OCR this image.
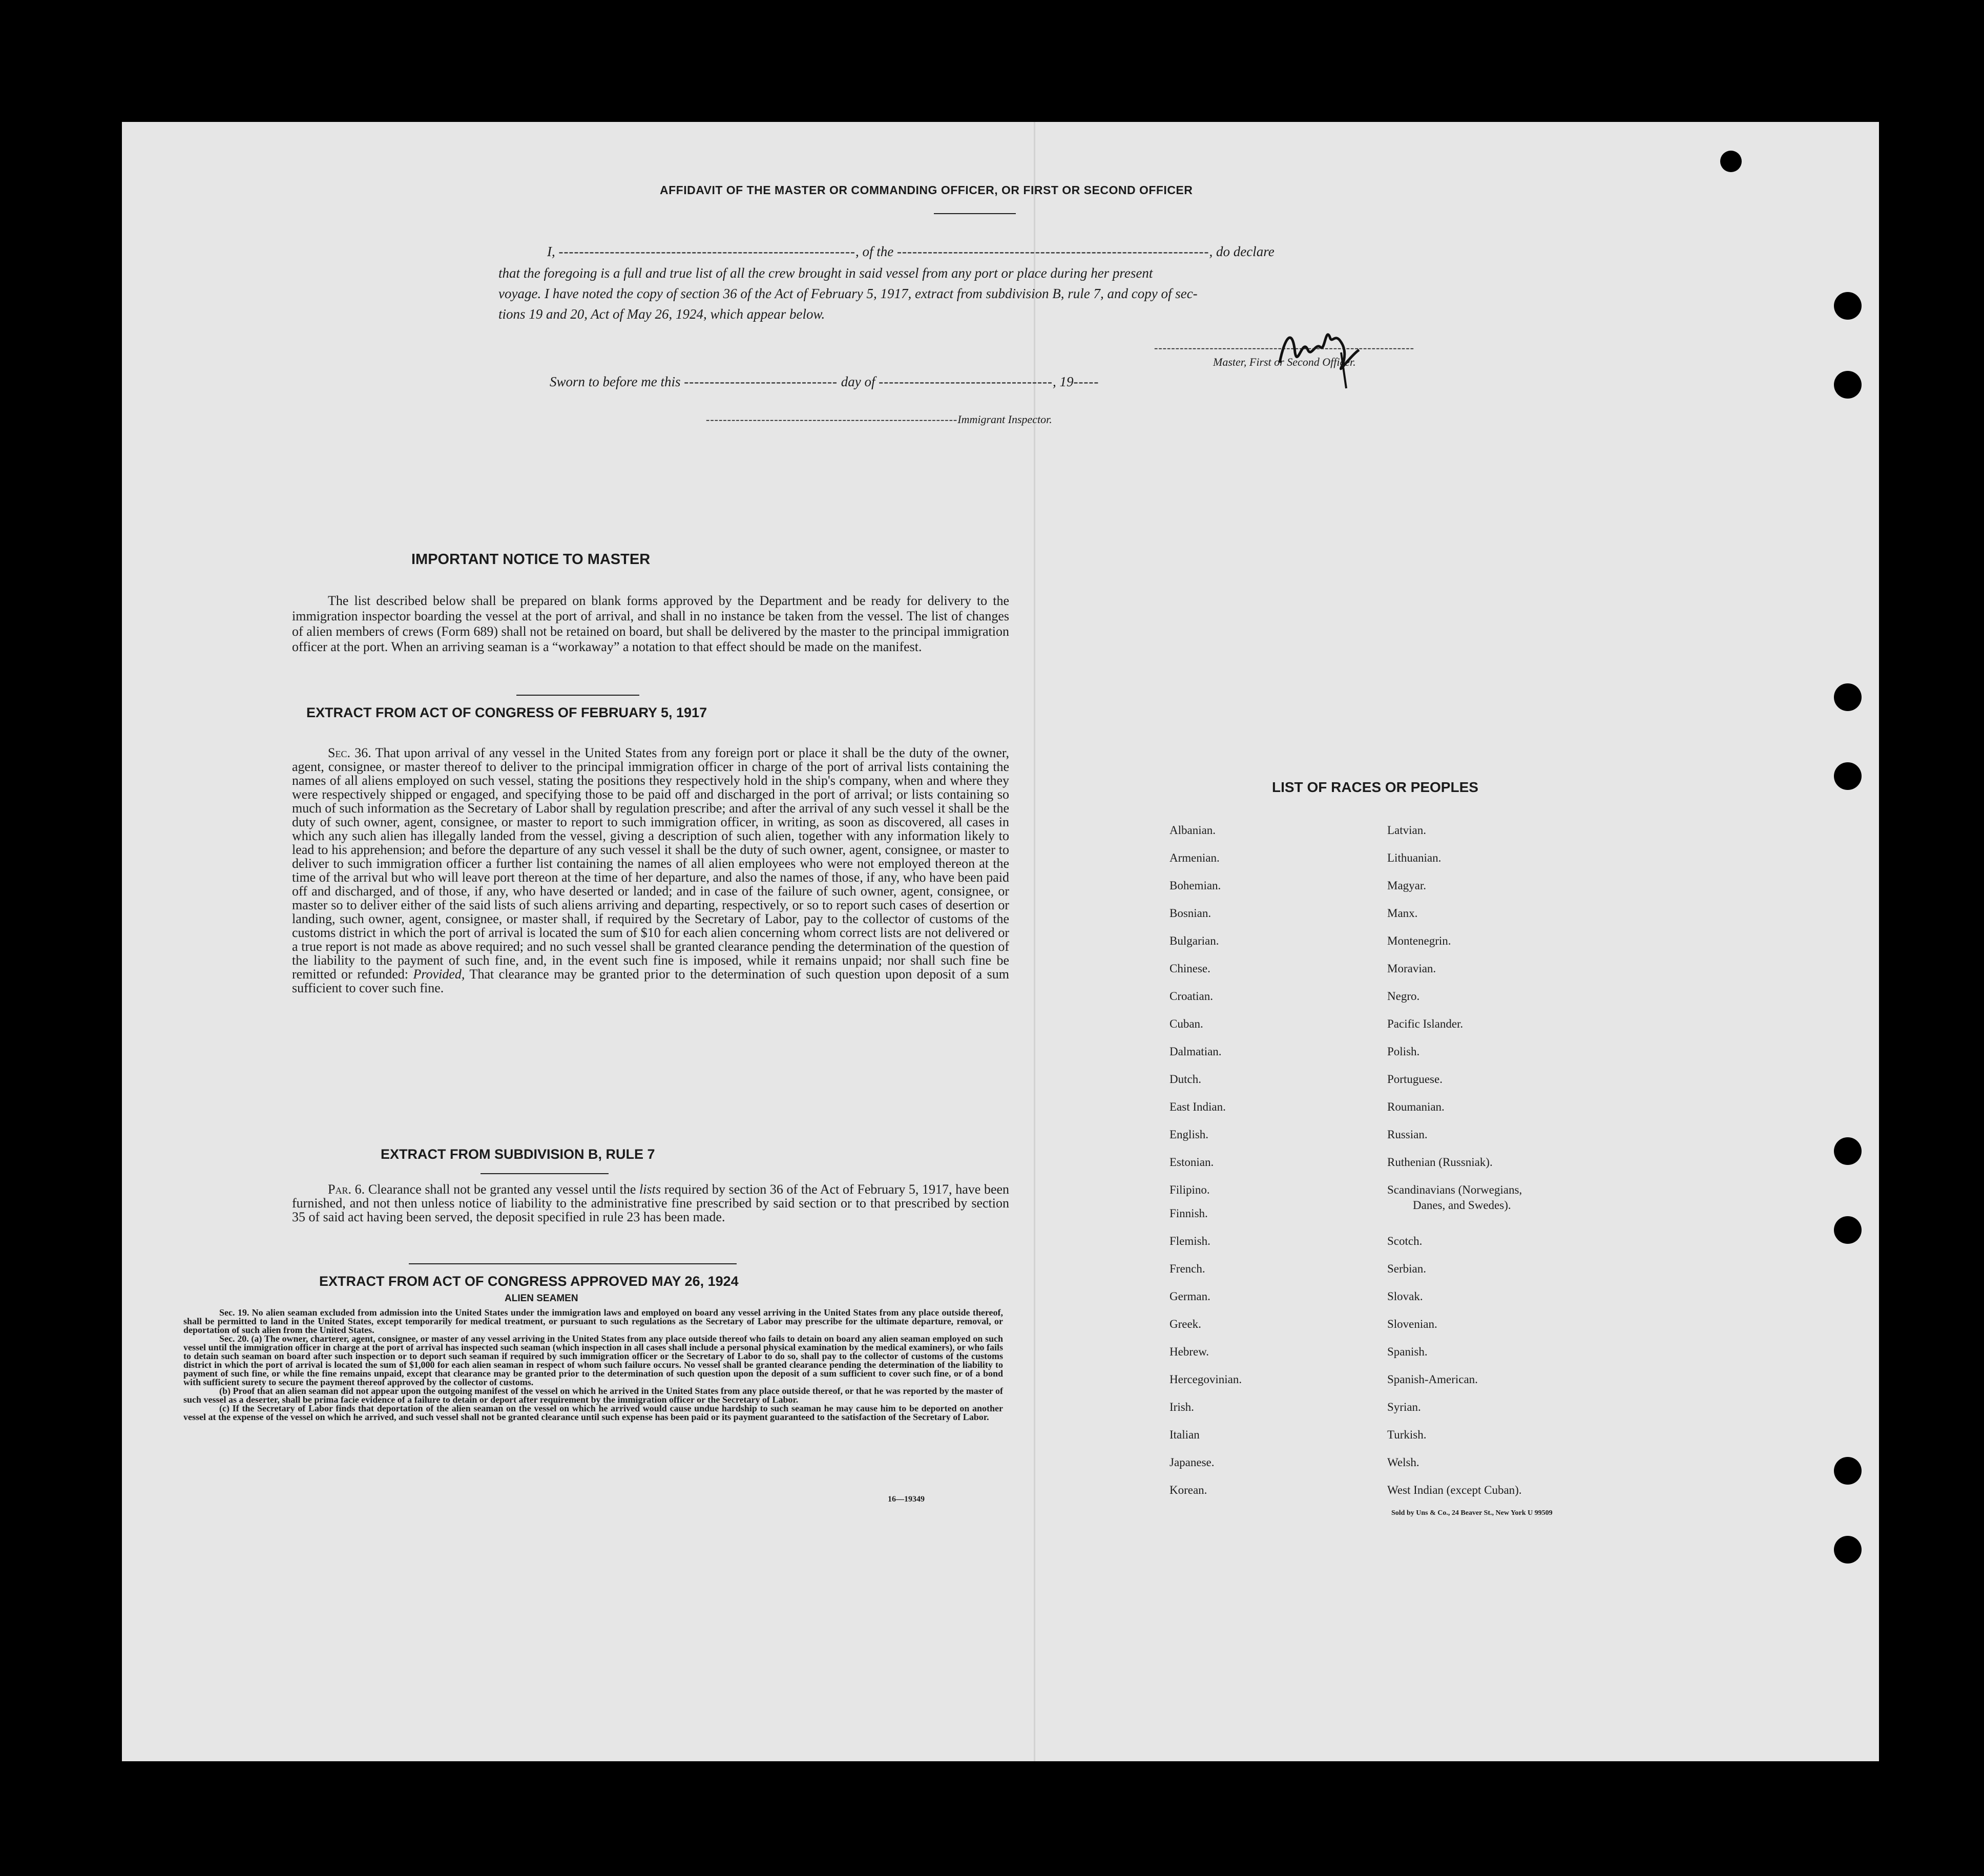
AFFIDAVIT OF THE MASTER OR COMMANDING OFFICER, OR FIRST OR SECOND OFFICER
I, ----------------------------------------------------------, of the -------------------------------------------------------------, do declare
that the foregoing is a full and true list of all the crew brought in said vessel from any port or place during her present
voyage. I have noted the copy of section 36 of the Act of February 5, 1917, extract from subdivision B, rule 7, and copy of sec-
tions 19 and 20, Act of May 26, 1924, which appear below.
-------------------------------------------------------------
Master, First or Second Officer.
Sworn to before me this ------------------------------ day of ----------------------------------, 19-----
-----------------------------------------------------------Immigrant Inspector.
IMPORTANT NOTICE TO MASTER
The list described below shall be prepared on blank forms approved by the Department and be ready for delivery to the immigration inspector boarding the vessel at the port of arrival, and shall in no instance be taken from the vessel. The list of changes of alien members of crews (Form 689) shall not be retained on board, but shall be delivered by the master to the principal immigration officer at the port. When an arriving seaman is a “workaway” a notation to that effect should be made on the manifest.
EXTRACT FROM ACT OF CONGRESS OF FEBRUARY 5, 1917
Sec. 36. That upon arrival of any vessel in the United States from any foreign port or place it shall be the duty of the owner, agent, consignee, or master thereof to deliver to the principal immigration officer in charge of the port of arrival lists containing the names of all aliens employed on such vessel, stating the positions they respectively hold in the ship's company, when and where they were respectively shipped or engaged, and specifying those to be paid off and discharged in the port of arrival; or lists containing so much of such information as the Secretary of Labor shall by regulation prescribe; and after the arrival of any such vessel it shall be the duty of such owner, agent, consignee, or master to report to such immigration officer, in writing, as soon as discovered, all cases in which any such alien has illegally landed from the vessel, giving a description of such alien, together with any information likely to lead to his apprehension; and before the departure of any such vessel it shall be the duty of such owner, agent, consignee, or master to deliver to such immigration officer a further list containing the names of all alien employees who were not employed thereon at the time of the arrival but who will leave port thereon at the time of her departure, and also the names of those, if any, who have been paid off and discharged, and of those, if any, who have deserted or landed; and in case of the failure of such owner, agent, consignee, or master so to deliver either of the said lists of such aliens arriving and departing, respectively, or so to report such cases of desertion or landing, such owner, agent, consignee, or master shall, if required by the Secretary of Labor, pay to the collector of customs of the customs district in which the port of arrival is located the sum of $10 for each alien concerning whom correct lists are not delivered or a true report is not made as above required; and no such vessel shall be granted clearance pending the determination of the question of the liability to the payment of such fine, and, in the event such fine is imposed, while it remains unpaid; nor shall such fine be remitted or refunded: Provided, That clearance may be granted prior to the determination of such question upon deposit of a sum sufficient to cover such fine.
EXTRACT FROM SUBDIVISION B, RULE 7
Par. 6. Clearance shall not be granted any vessel until the lists required by section 36 of the Act of February 5, 1917, have been furnished, and not then unless notice of liability to the administrative fine prescribed by said section or to that prescribed by section 35 of said act having been served, the deposit specified in rule 23 has been made.
EXTRACT FROM ACT OF CONGRESS APPROVED MAY 26, 1924
ALIEN SEAMEN
Sec. 19. No alien seaman excluded from admission into the United States under the immigration laws and employed on board any vessel arriving in the United States from any place outside thereof, shall be permitted to land in the United States, except temporarily for medical treatment, or pursuant to such regulations as the Secretary of Labor may prescribe for the ultimate departure, removal, or deportation of such alien from the United States.
Sec. 20. (a) The owner, charterer, agent, consignee, or master of any vessel arriving in the United States from any place outside thereof who fails to detain on board any alien seaman employed on such vessel until the immigration officer in charge at the port of arrival has inspected such seaman (which inspection in all cases shall include a personal physical examination by the medical examiners), or who fails to detain such seaman on board after such inspection or to deport such seaman if required by such immigration officer or the Secretary of Labor to do so, shall pay to the collector of customs of the customs district in which the port of arrival is located the sum of $1,000 for each alien seaman in respect of whom such failure occurs. No vessel shall be granted clearance pending the determination of the liability to payment of such fine, or while the fine remains unpaid, except that clearance may be granted prior to the determination of such question upon the deposit of a sum sufficient to cover such fine, or of a bond with sufficient surety to secure the payment thereof approved by the collector of customs.
(b) Proof that an alien seaman did not appear upon the outgoing manifest of the vessel on which he arrived in the United States from any place outside thereof, or that he was reported by the master of such vessel as a deserter, shall be prima facie evidence of a failure to detain or deport after requirement by the immigration officer or the Secretary of Labor.
(c) If the Secretary of Labor finds that deportation of the alien seaman on the vessel on which he arrived would cause undue hardship to such seaman he may cause him to be deported on another vessel at the expense of the vessel on which he arrived, and such vessel shall not be granted clearance until such expense has been paid or its payment guaranteed to the satisfaction of the Secretary of Labor.
16—19349
LIST OF RACES OR PEOPLES
Albanian.
Armenian.
Bohemian.
Bosnian.
Bulgarian.
Chinese.
Croatian.
Cuban.
Dalmatian.
Dutch.
East Indian.
English.
Estonian.
Filipino.
Finnish.
Flemish.
French.
German.
Greek.
Hebrew.
Hercegovinian.
Irish.
Italian
Japanese.
Korean.
Latvian.
Lithuanian.
Magyar.
Manx.
Montenegrin.
Moravian.
Negro.
Pacific Islander.
Polish.
Portuguese.
Roumanian.
Russian.
Ruthenian (Russniak).
Scandinavians (Norwegians,
Danes, and Swedes).
Scotch.
Serbian.
Slovak.
Slovenian.
Spanish.
Spanish-American.
Syrian.
Turkish.
Welsh.
West Indian (except Cuban).
Sold by Uns & Co., 24 Beaver St., New York U 99509
